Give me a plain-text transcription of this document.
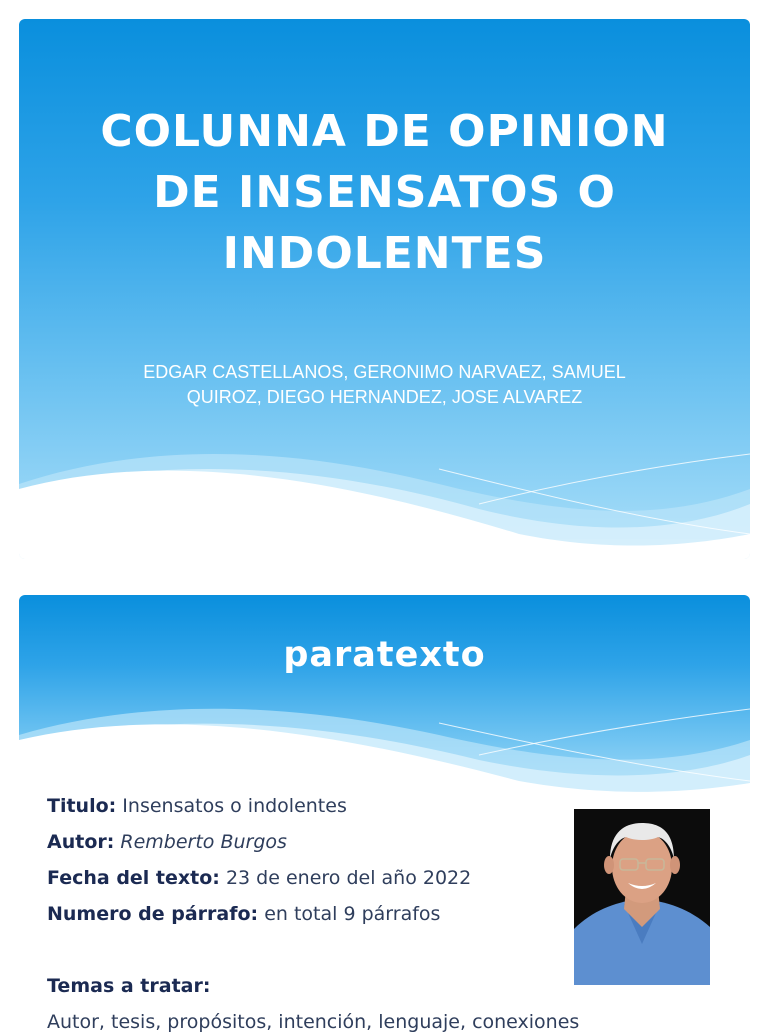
COLUNNA DE OPINION DE INSENSATOS O INDOLENTES
EDGAR CASTELLANOS, GERONIMO NARVAEZ, SAMUEL QUIROZ, DIEGO HERNANDEZ, JOSE ALVAREZ
paratexto
Titulo: Insensatos o indolentes
Autor: Remberto Burgos
Fecha del texto: 23 de enero del año 2022
Numero de párrafo: en total 9 párrafos
Temas a tratar:
Autor, tesis, propósitos, intención, lenguaje, conexiones
